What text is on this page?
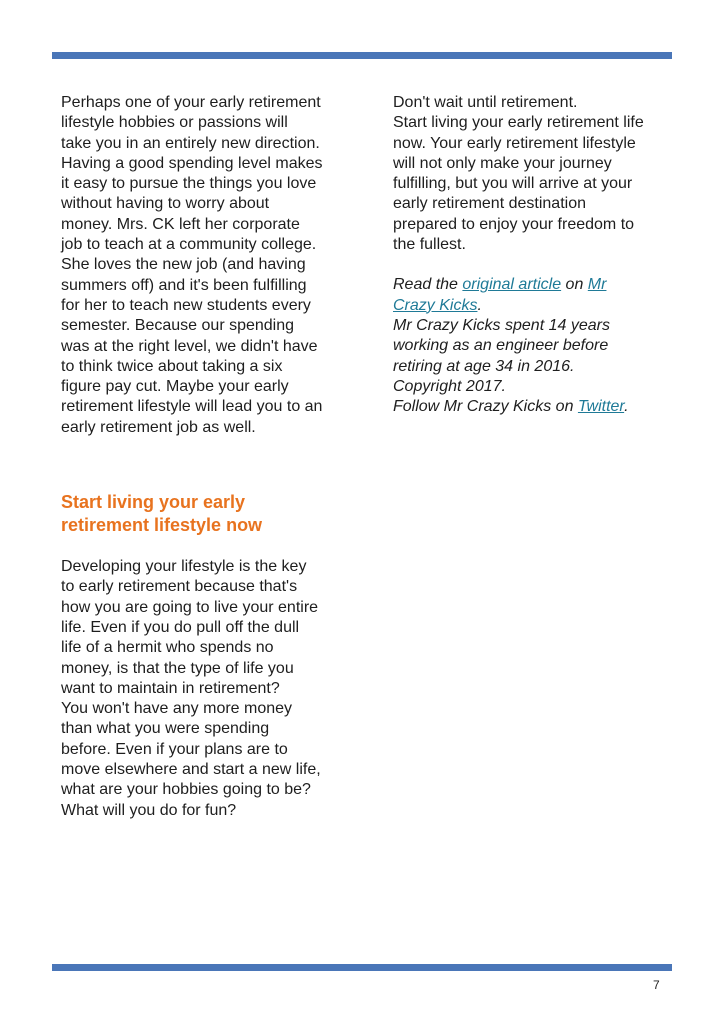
Perhaps one of your early retirement
lifestyle hobbies or passions will
take you in an entirely new direction.
Having a good spending level makes
it easy to pursue the things you love
without having to worry about
money. Mrs. CK left her corporate
job to teach at a community college.
She loves the new job (and having
summers off) and it's been fulfilling
for her to teach new students every
semester. Because our spending
was at the right level, we didn't have
to think twice about taking a six
figure pay cut. Maybe your early
retirement lifestyle will lead you to an
early retirement job as well.

Start living your early
retirement lifestyle now

Developing your lifestyle is the key
to early retirement because that's
how you are going to live your entire
life. Even if you do pull off the dull
life of a hermit who spends no
money, is that the type of life you
want to maintain in retirement?
You won't have any more money
than what you were spending
before. Even if your plans are to
move elsewhere and start a new life,
what are your hobbies going to be?
What will you do for fun?

Don't wait until retirement.
Start living your early retirement life
now. Your early retirement lifestyle
will not only make your journey
fulfilling, but you will arrive at your
early retirement destination
prepared to enjoy your freedom to
the fullest.

Read the original article on Mr
Crazy Kicks.

Mr Crazy Kicks spent 14 years
working as an engineer before
retiring at age 34 in 2016.
Copyright 2017.

Follow Mr Crazy Kicks on Twitter.

7
